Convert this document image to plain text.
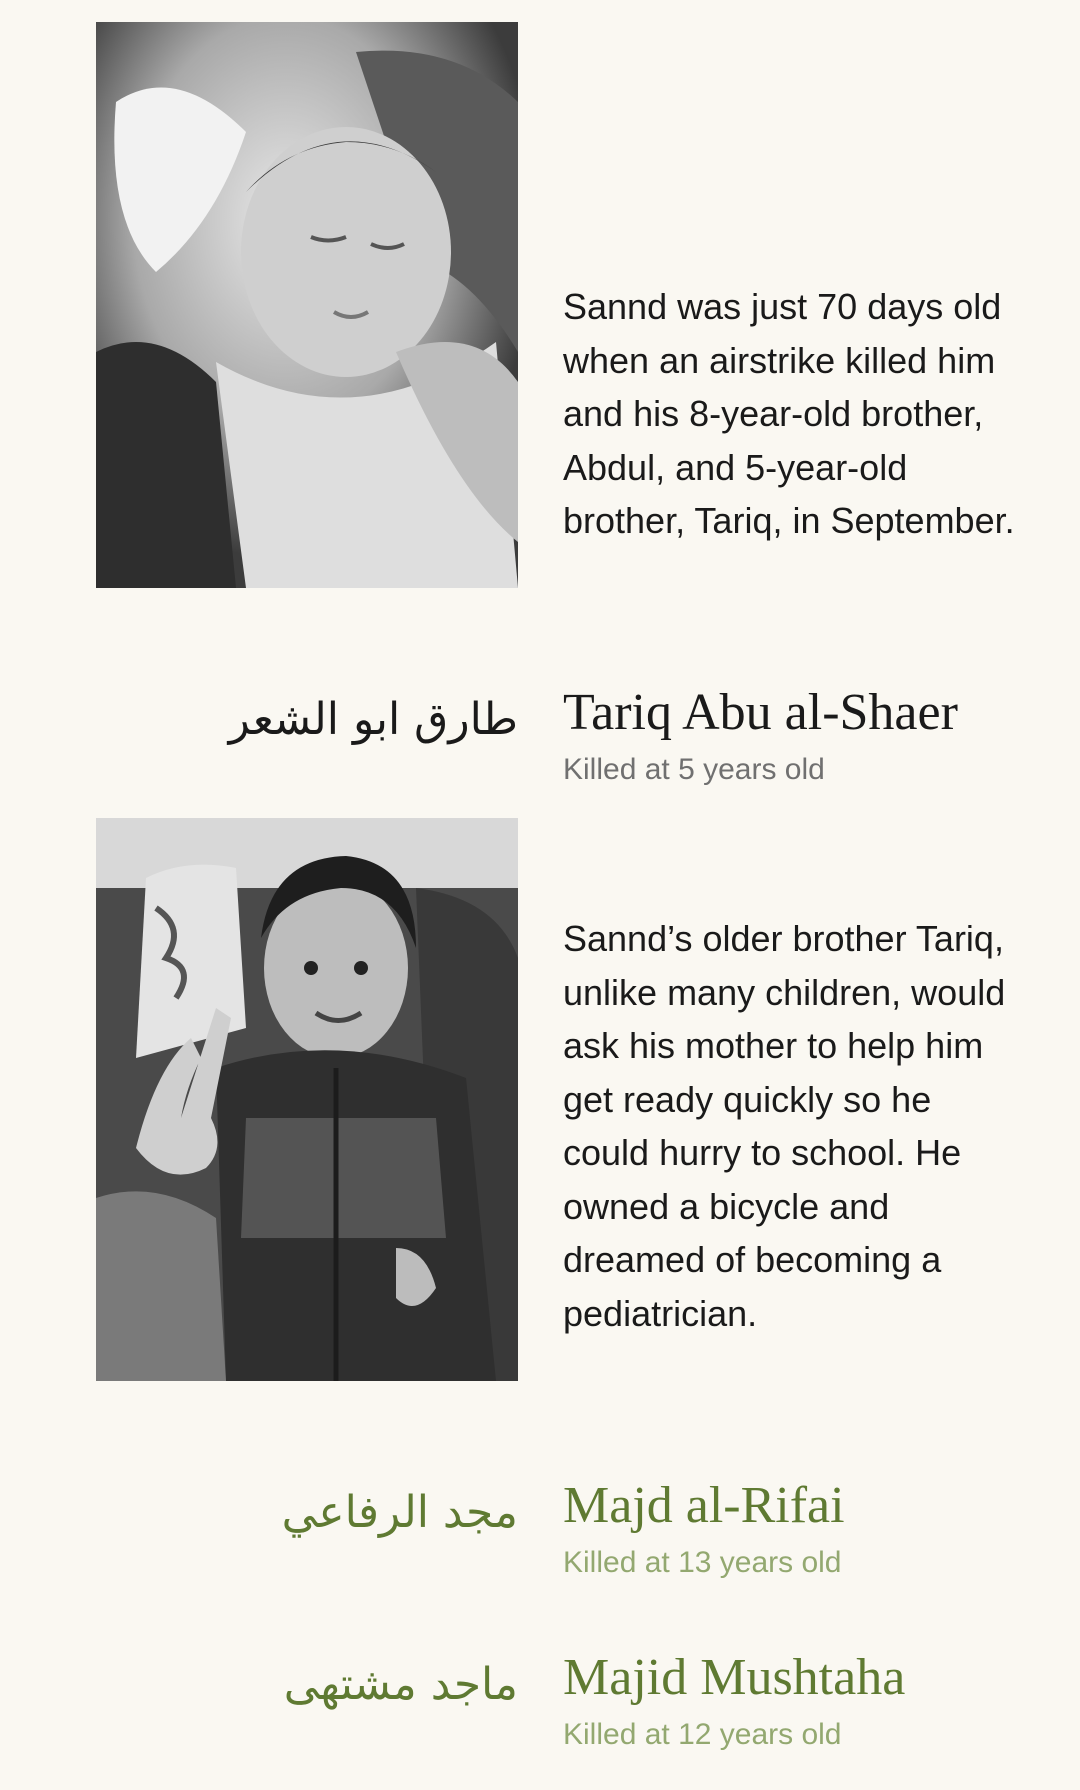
Sannd was just 70 days old when an airstrike killed him and his 8-year-old brother, Abdul, and 5-year-old brother, Tariq, in September.
طارق ابو الشعر Tariq Abu al-Shaer
Killed at 5 years old
Sannd’s older brother Tariq, unlike many children, would ask his mother to help him get ready quickly so he could hurry to school. He owned a bicycle and dreamed of becoming a pediatrician.
مجد الرفاعي Majd al-Rifai
Killed at 13 years old
ماجد مشتهى Majid Mushtaha
Killed at 12 years old
